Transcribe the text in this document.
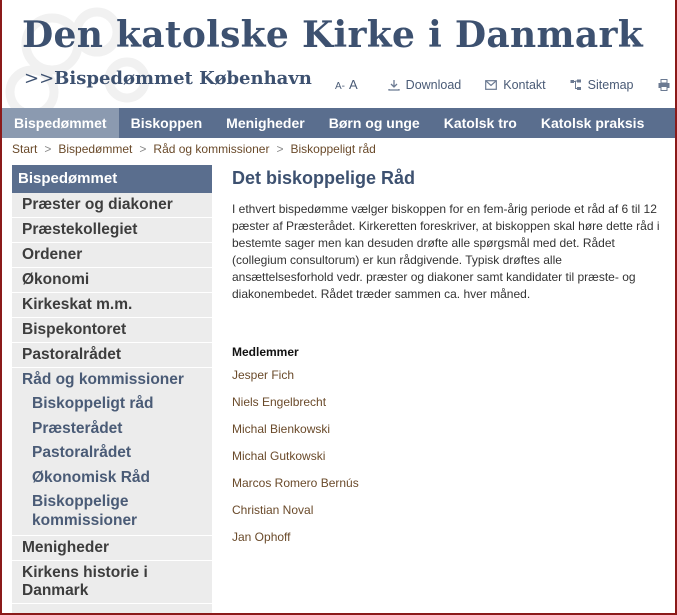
Den katolske Kirke i Danmark
>>Bispedømmet København A- A	Download	Kontakt	Sitemap
Bispedømmet	Biskoppen	Menigheder	Børn og unge	Katolsk tro	Katolsk praksis
Start > Bispedømmet > Råd og kommissioner > Biskoppeligt råd
Bispedømmet
Præster og diakoner
Præstekollegiet
Ordener
Økonomi
Kirkeskat m.m.
Bispekontoret
Pastoralrådet
Råd og kommissioner
Biskoppeligt råd
Præsterådet
Pastoralrådet
Økonomisk Råd
Biskoppelige kommissioner
Menigheder
Kirkens historie i Danmark
Det biskoppelige Råd

I ethvert bispedømme vælger biskoppen for en fem-årig periode et råd af 6 til 12 pæster af Præsterådet. Kirkeretten foreskriver, at biskoppen skal høre dette råd i bestemte sager men kan desuden drøfte alle spørgsmål med det. Rådet (collegium consultorum) er kun rådgivende. Typisk drøftes alle ansættelsesforhold vedr. præster og diakoner samt kandidater til præste- og diakonembedet. Rådet træder sammen ca. hver måned.

Medlemmer
Jesper Fich
Niels Engelbrecht
Michal Bienkowski
Michal Gutkowski
Marcos Romero Bernús
Christian Noval
Jan Ophoff
